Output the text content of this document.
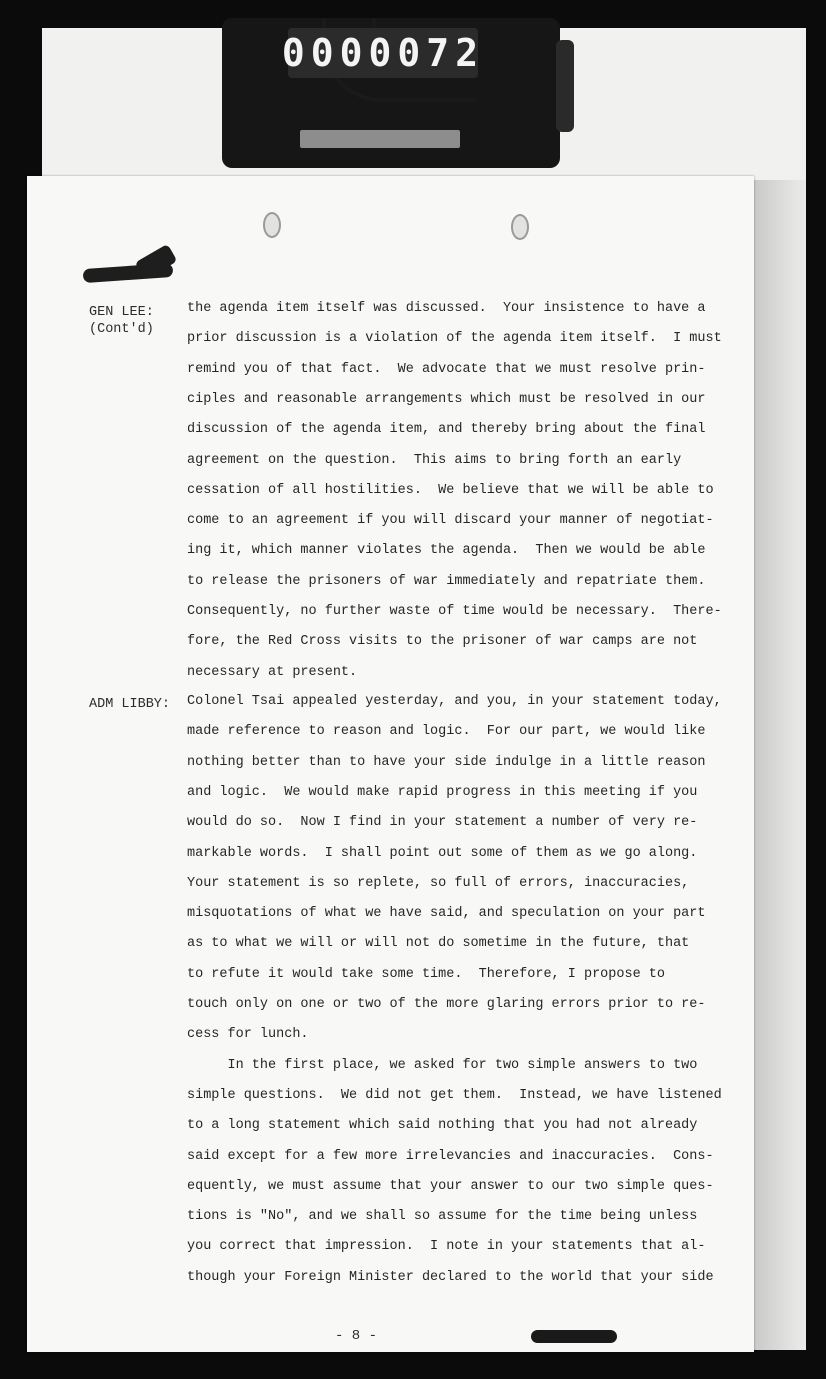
0000072
GEN LEE:
(Cont'd)
ADM LIBBY:
the agenda item itself was discussed.  Your insistence to have a
prior discussion is a violation of the agenda item itself.  I must
remind you of that fact.  We advocate that we must resolve prin-
ciples and reasonable arrangements which must be resolved in our
discussion of the agenda item, and thereby bring about the final
agreement on the question.  This aims to bring forth an early
cessation of all hostilities.  We believe that we will be able to
come to an agreement if you will discard your manner of negotiat-
ing it, which manner violates the agenda.  Then we would be able
to release the prisoners of war immediately and repatriate them.
Consequently, no further waste of time would be necessary.  There-
fore, the Red Cross visits to the prisoner of war camps are not
necessary at present.
Colonel Tsai appealed yesterday, and you, in your statement today,
made reference to reason and logic.  For our part, we would like
nothing better than to have your side indulge in a little reason
and logic.  We would make rapid progress in this meeting if you
would do so.  Now I find in your statement a number of very re-
markable words.  I shall point out some of them as we go along.
Your statement is so replete, so full of errors, inaccuracies,
misquotations of what we have said, and speculation on your part
as to what we will or will not do sometime in the future, that
to refute it would take some time.  Therefore, I propose to
touch only on one or two of the more glaring errors prior to re-
cess for lunch.
In the first place, we asked for two simple answers to two
simple questions.  We did not get them.  Instead, we have listened
to a long statement which said nothing that you had not already
said except for a few more irrelevancies and inaccuracies.  Cons-
equently, we must assume that your answer to our two simple ques-
tions is "No", and we shall so assume for the time being unless
you correct that impression.  I note in your statements that al-
though your Foreign Minister declared to the world that your side
- 8 -
